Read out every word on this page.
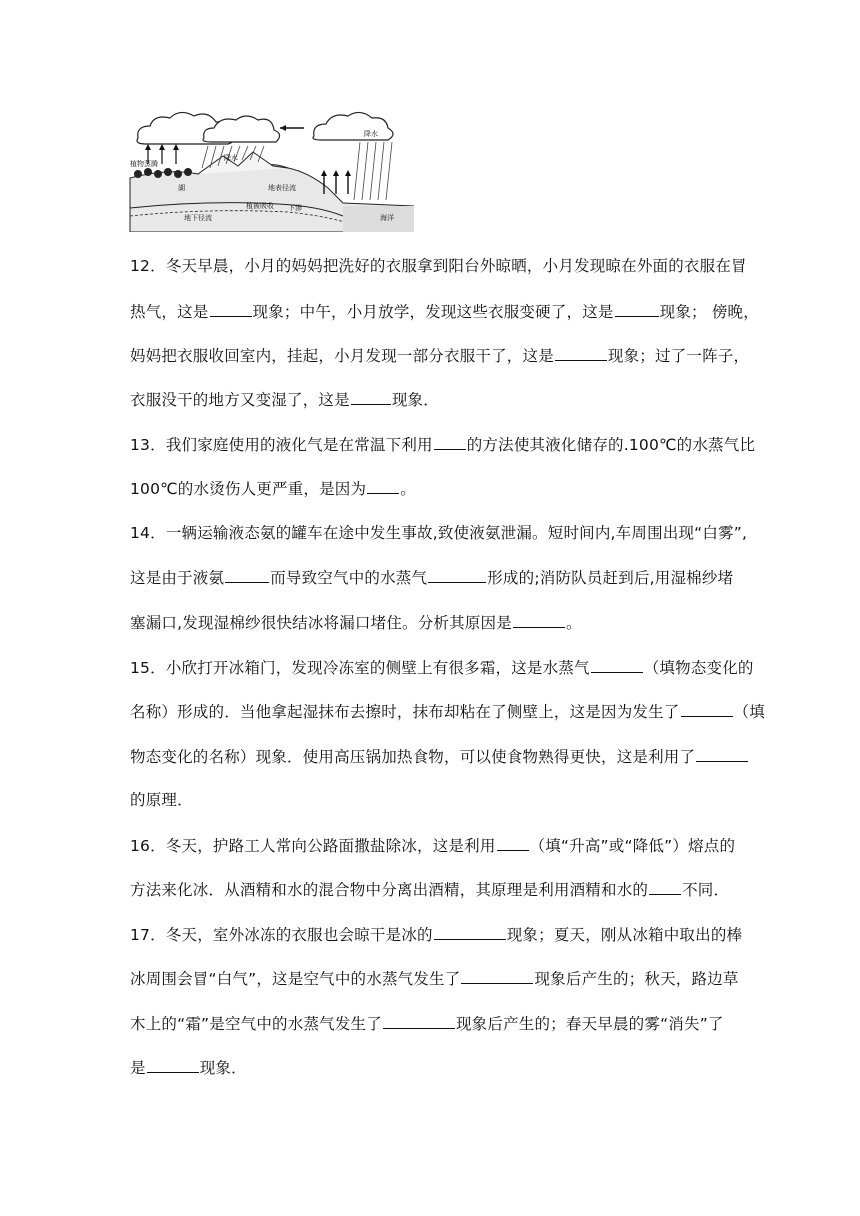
植物蒸腾
降水
湖	地表径流
下渗
地下径流
植被吸收
降水
海洋
12．冬天早晨，小月的妈妈把洗好的衣服拿到阳台外晾晒，小月发现晾在外面的衣服在冒
热气，这是	现象；中午，小月放学，发现这些衣服变硬了，这是	现象； 傍晚，
妈妈把衣服收回室内，挂起，小月发现一部分衣服干了，这是	现象；过了一阵子，
衣服没干的地方又变湿了，这是	现象．
13．我们家庭使用的液化气是在常温下利用 的方法使其液化储存的.100℃的水蒸气比
100℃的水烫伤人更严重，是因为 。
14．一辆运输液态氨的罐车在途中发生事故,致使液氨泄漏。短时间内,车周围出现“白雾”,
这是由于液氨	而导致空气中的水蒸气	形成的;消防队员赶到后,用湿棉纱堵
塞漏口,发现湿棉纱很快结冰将漏口堵住。分析其原因是	。
15．小欣打开冰箱门，发现冷冻室的侧壁上有很多霜，这是水蒸气	（填物态变化的
名称）形成的．当他拿起湿抹布去擦时，抹布却粘在了侧壁上，这是因为发生了	（填
物态变化的名称）现象．使用高压锅加热食物，可以使食物熟得更快，这是利用了
的原理．
16．冬天，护路工人常向公路面撒盐除冰，这是利用 （填“升高”或“降低”）熔点的
方法来化冰．从酒精和水的混合物中分离出酒精，其原理是利用酒精和水的 不同．
17．冬天，室外冰冻的衣服也会晾干是冰的	现象；夏天，刚从冰箱中取出的棒
冰周围会冒“白气”，这是空气中的水蒸气发生了	现象后产生的；秋天，路边草
木上的“霜”是空气中的水蒸气发生了	现象后产生的；春天早晨的雾“消失”了
是	现象．
